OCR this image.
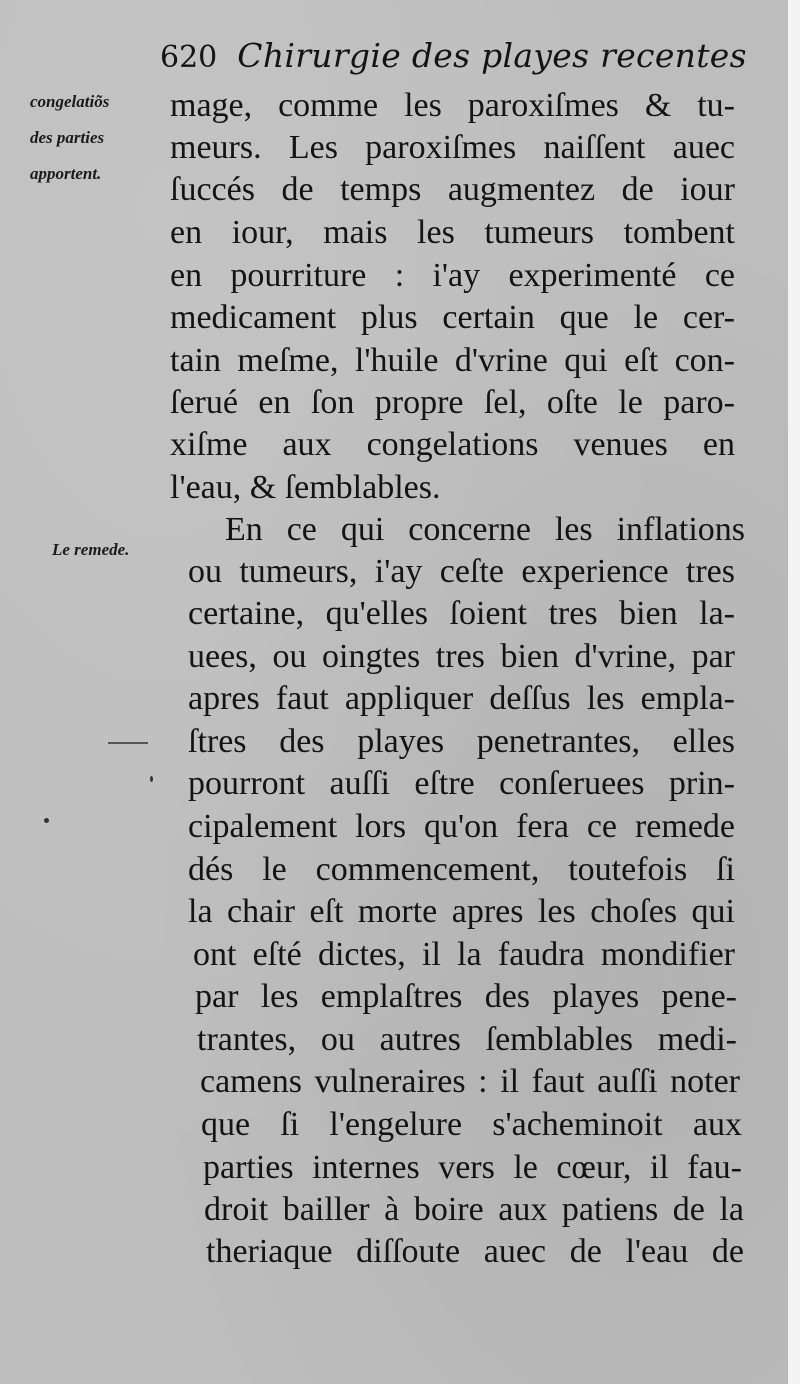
620 Chirurgie des playes recentes
congelatiõs
des parties
apportent.
Le remede.
mage, comme les paroxiſmes & tu-
meurs. Les paroxiſmes naiſſent auec
ſuccés de temps augmentez de iour
en iour, mais les tumeurs tombent
en pourriture : i'ay experimenté ce
medicament plus certain que le cer-
tain meſme, l'huile d'vrine qui eſt con-
ſerué en ſon propre ſel, oſte le paro-
xiſme aux congelations venues en
l'eau, & ſemblables.
En ce qui concerne les inflations
ou tumeurs, i'ay ceſte experience tres
certaine, qu'elles ſoient tres bien la-
uees, ou oingtes tres bien d'vrine, par
apres faut appliquer deſſus les empla-
ſtres des playes penetrantes, elles
pourront auſſi eſtre conſeruees prin-
cipalement lors qu'on fera ce remede
dés le commencement, toutefois ſi
la chair eſt morte apres les choſes qui
ont eſté dictes, il la faudra mondifier
par les emplaſtres des playes pene-
trantes, ou autres ſemblables medi-
camens vulneraires : il faut auſſi noter
que ſi l'engelure s'acheminoit aux
parties internes vers le cœur, il fau-
droit bailler à boire aux patiens de la
theriaque diſſoute auec de l'eau de
